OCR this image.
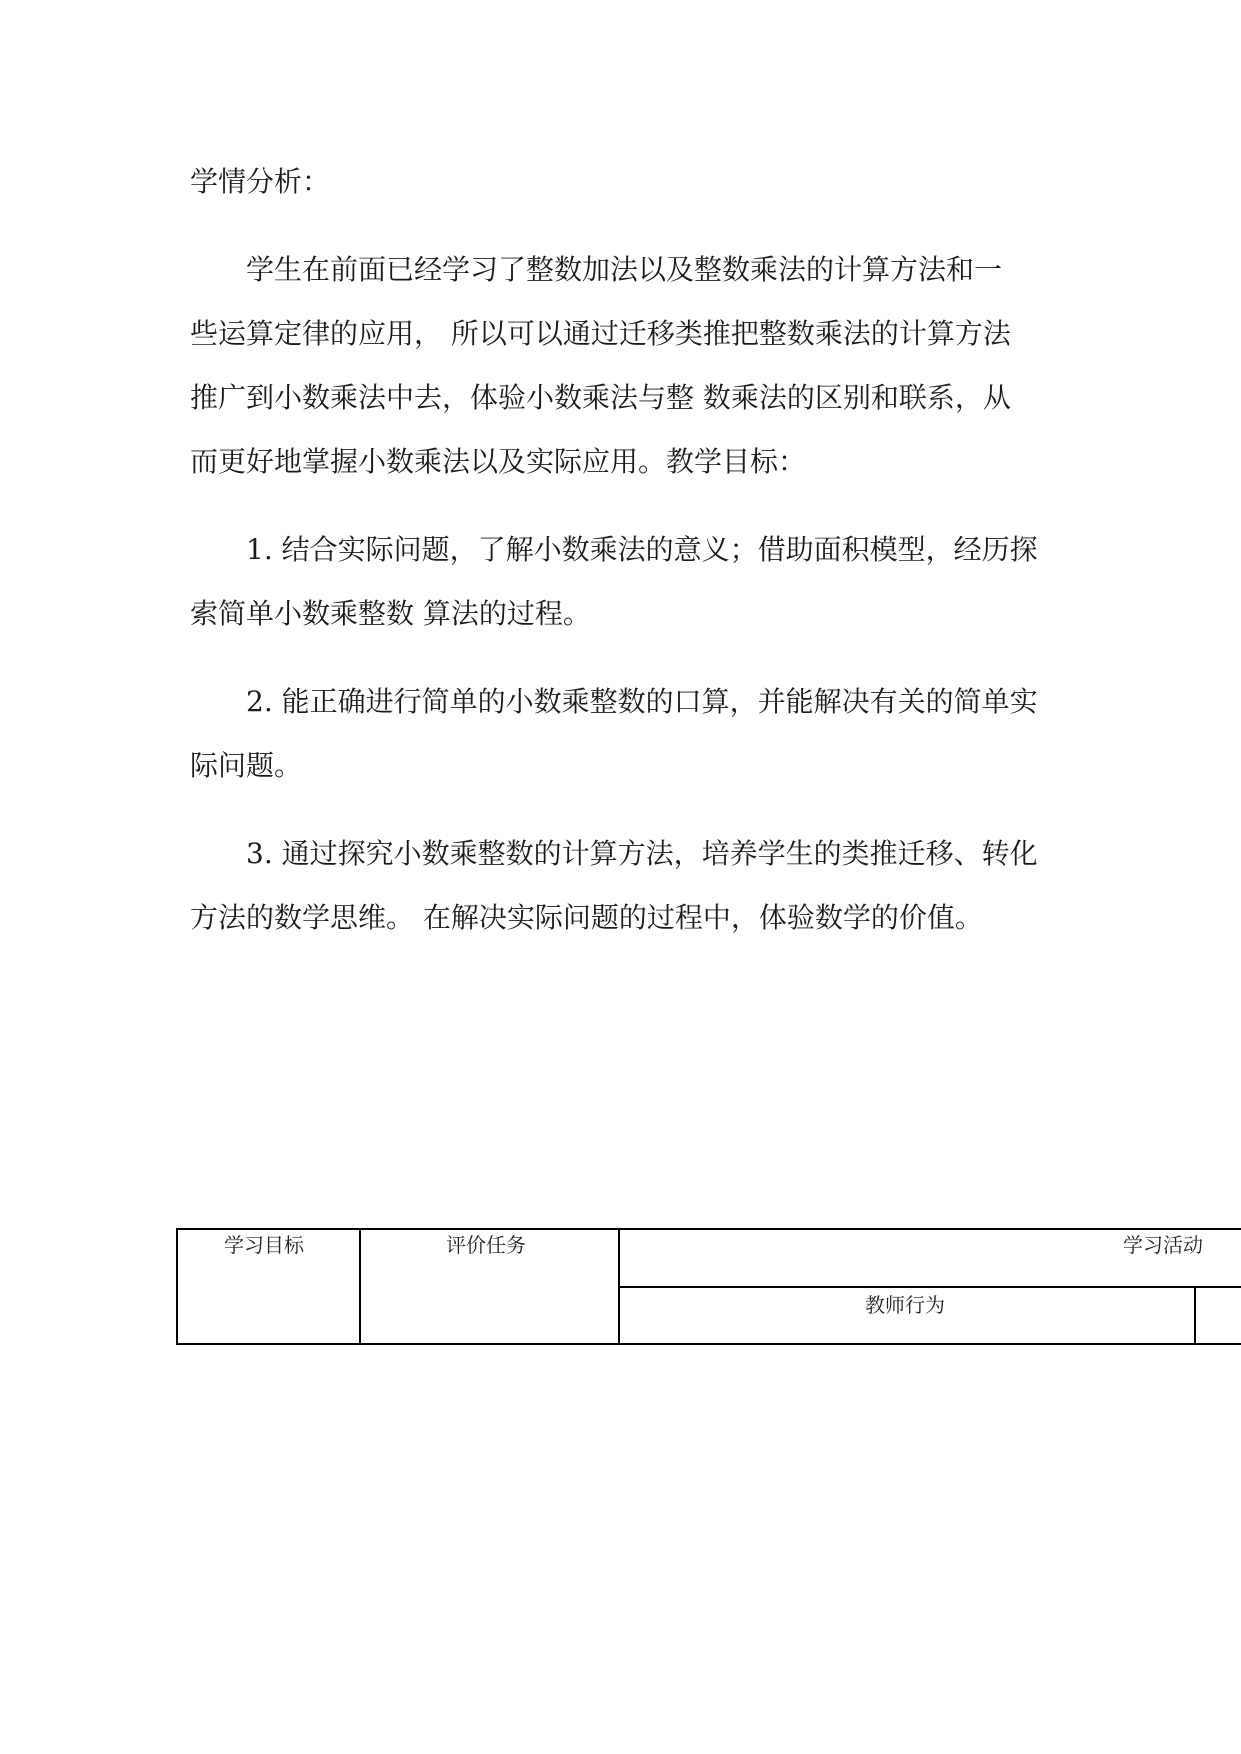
学情分析：
学生在前面已经学习了整数加法以及整数乘法的计算方法和一
些运算定律的应用， 所以可以通过迁移类推把整数乘法的计算方法
推广到小数乘法中去，体验小数乘法与整 数乘法的区别和联系，从
而更好地掌握小数乘法以及实际应用。教学目标：
1. 结合实际问题，了解小数乘法的意义；借助面积模型，经历探
索简单小数乘整数 算法的过程。
2. 能正确进行简单的小数乘整数的口算，并能解决有关的简单实
际问题。
3. 通过探究小数乘整数的计算方法，培养学生的类推迁移、转化
方法的数学思维。 在解决实际问题的过程中，体验数学的价值。
学习目标	评价任务	学习活动
教师行为
